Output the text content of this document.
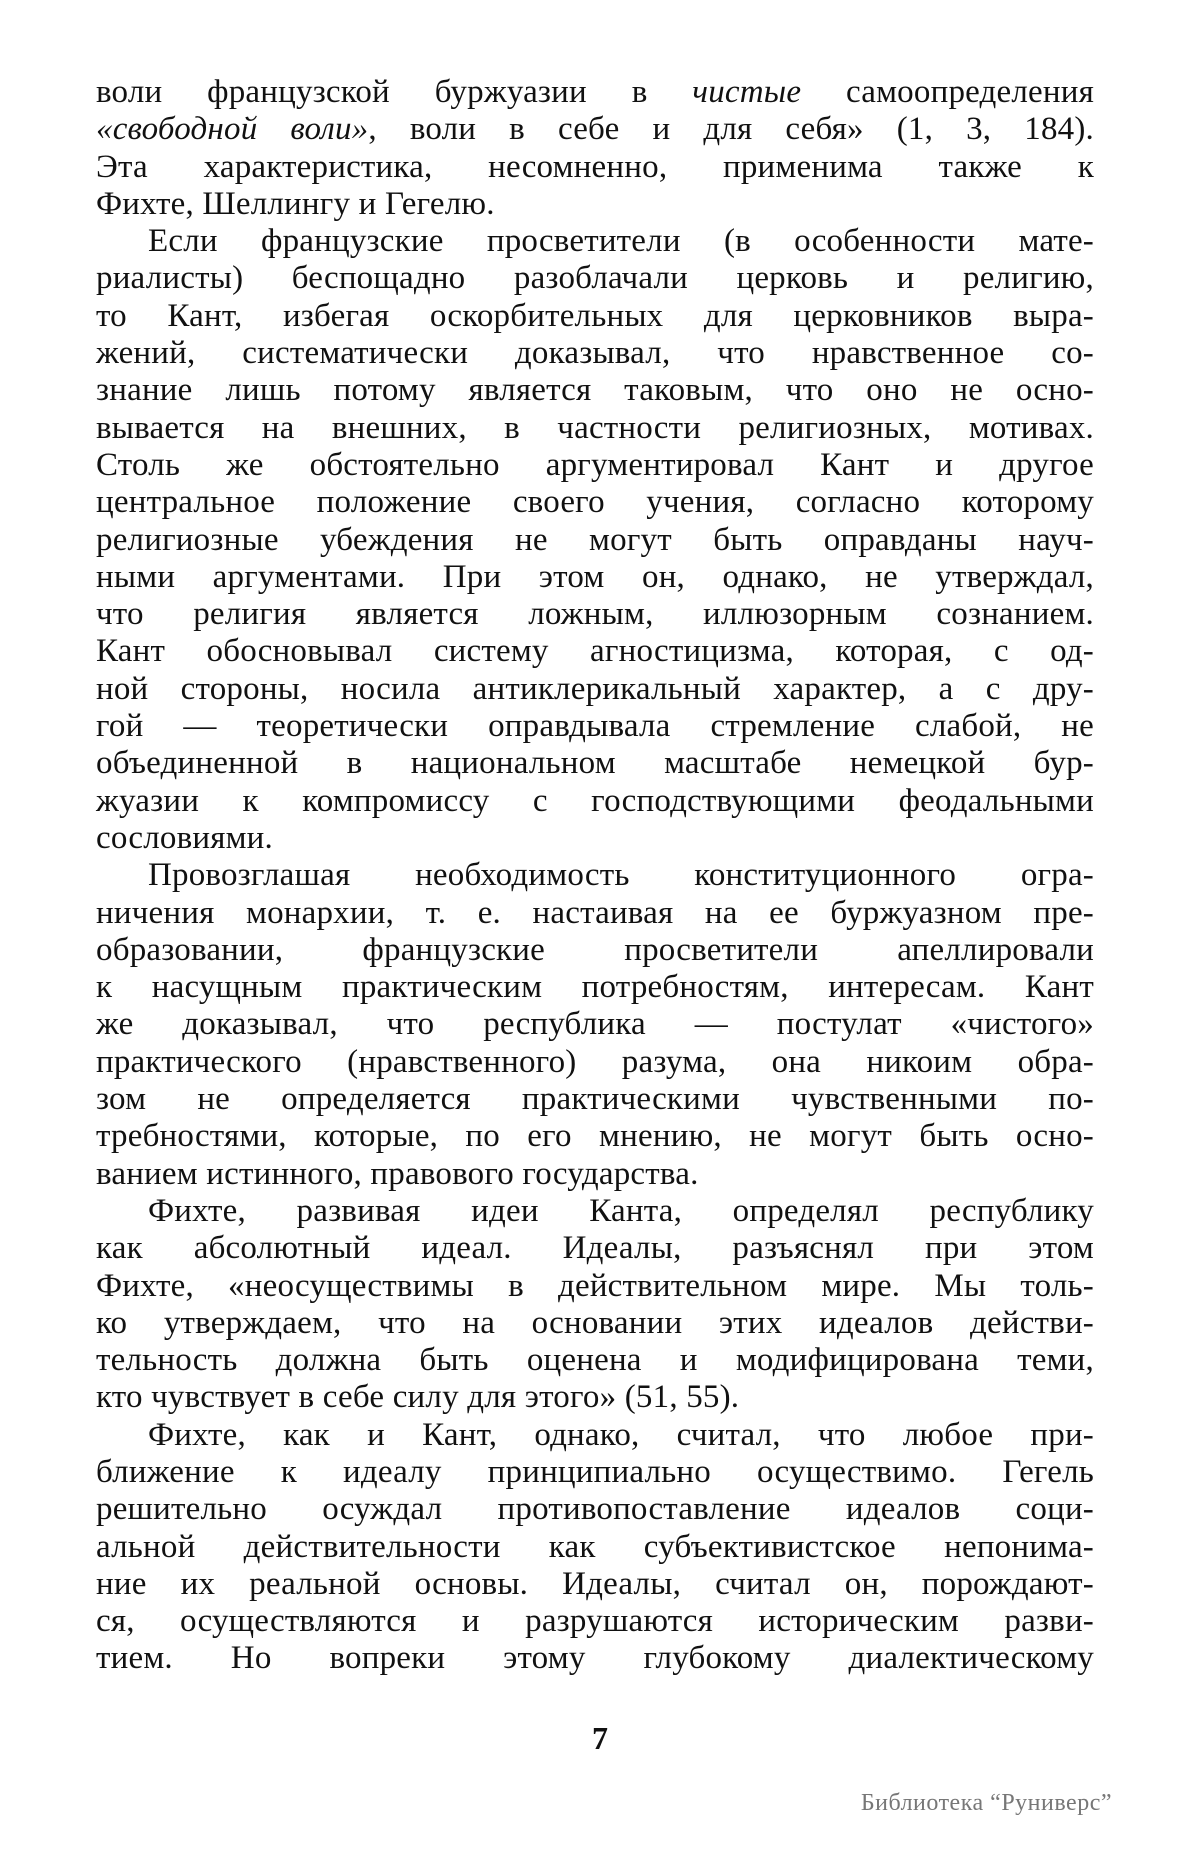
воли французской буржуазии в чистые самоопределения
«свободной воли», воли в себе и для себя» (1, 3, 184).
Эта характеристика, несомненно, применима также к
Фихте, Шеллингу и Гегелю.
Если французские просветители (в особенности мате-
риалисты) беспощадно разоблачали церковь и религию,
то Кант, избегая оскорбительных для церковников выра-
жений, систематически доказывал, что нравственное со-
знание лишь потому является таковым, что оно не осно-
вывается на внешних, в частности религиозных, мотивах.
Столь же обстоятельно аргументировал Кант и другое
центральное положение своего учения, согласно которому
религиозные убеждения не могут быть оправданы науч-
ными аргументами. При этом он, однако, не утверждал,
что религия является ложным, иллюзорным сознанием.
Кант обосновывал систему агностицизма, которая, с од-
ной стороны, носила антиклерикальный характер, а с дру-
гой — теоретически оправдывала стремление слабой, не
объединенной в национальном масштабе немецкой бур-
жуазии к компромиссу с господствующими феодальными
сословиями.
Провозглашая необходимость конституционного огра-
ничения монархии, т. е. настаивая на ее буржуазном пре-
образовании, французские просветители апеллировали
к насущным практическим потребностям, интересам. Кант
же доказывал, что республика — постулат «чистого»
практического (нравственного) разума, она никоим обра-
зом не определяется практическими чувственными по-
требностями, которые, по его мнению, не могут быть осно-
ванием истинного, правового государства.
Фихте, развивая идеи Канта, определял республику
как абсолютный идеал. Идеалы, разъяснял при этом
Фихте, «неосуществимы в действительном мире. Мы толь-
ко утверждаем, что на основании этих идеалов действи-
тельность должна быть оценена и модифицирована теми,
кто чувствует в себе силу для этого» (51, 55).
Фихте, как и Кант, однако, считал, что любое при-
ближение к идеалу принципиально осуществимо. Гегель
решительно осуждал противопоставление идеалов соци-
альной действительности как субъективистское непонима-
ние их реальной основы. Идеалы, считал он, порождают-
ся, осуществляются и разрушаются историческим разви-
тием. Но вопреки этому глубокому диалектическому
7
Библиотека “Руниверс”
